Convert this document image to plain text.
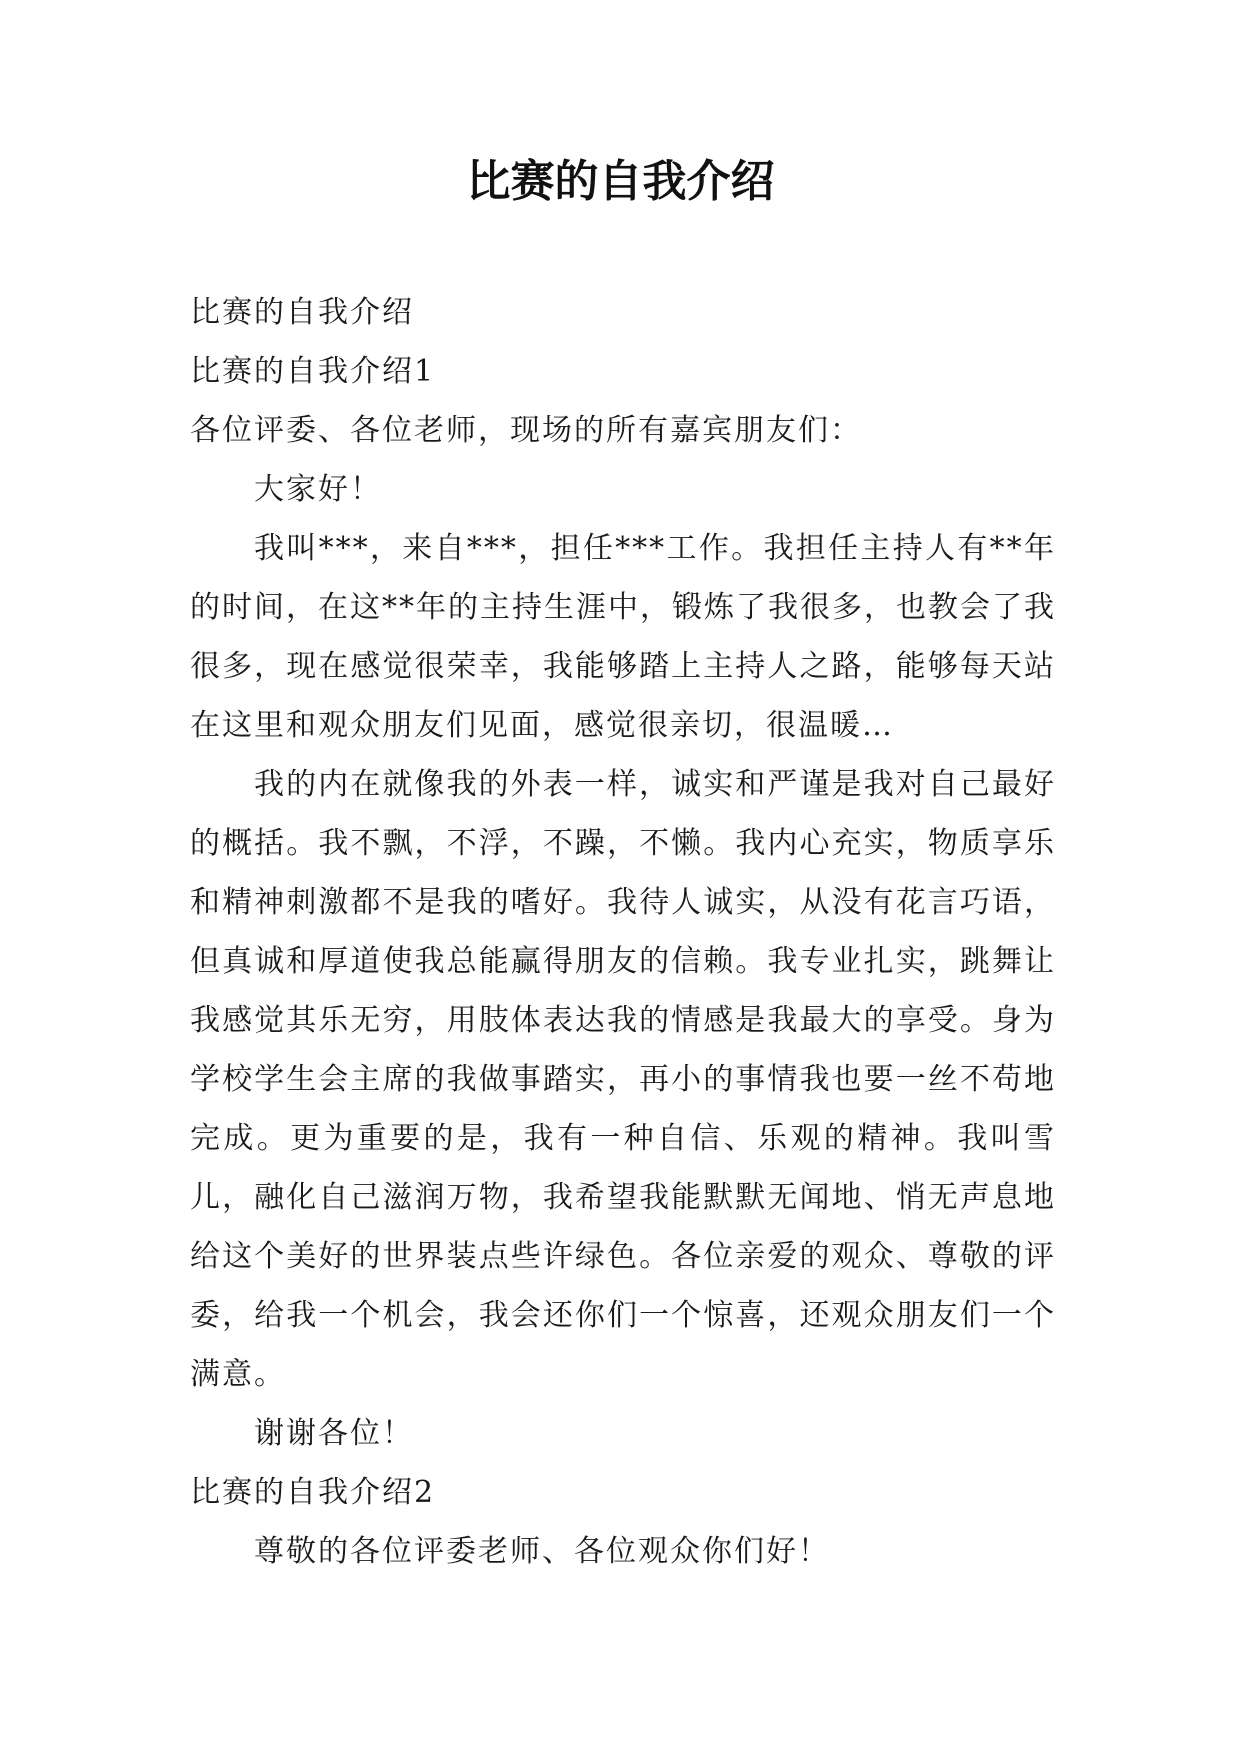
比赛的自我介绍

比赛的自我介绍

比赛的自我介绍1

各位评委、各位老师，现场的所有嘉宾朋友们：

大家好！

我叫***，来自***，担任***工作。我担任主持人有**年的时间，在这**年的主持生涯中，锻炼了我很多，也教会了我很多，现在感觉很荣幸，我能够踏上主持人之路，能够每天站在这里和观众朋友们见面，感觉很亲切，很温暖…

我的内在就像我的外表一样，诚实和严谨是我对自己最好的概括。我不飘，不浮，不躁，不懒。我内心充实，物质享乐和精神刺激都不是我的嗜好。我待人诚实，从没有花言巧语，但真诚和厚道使我总能赢得朋友的信赖。我专业扎实，跳舞让我感觉其乐无穷，用肢体表达我的情感是我最大的享受。身为学校学生会主席的我做事踏实，再小的事情我也要一丝不苟地完成。更为重要的是，我有一种自信、乐观的精神。我叫雪儿，融化自己滋润万物，我希望我能默默无闻地、悄无声息地给这个美好的世界装点些许绿色。各位亲爱的观众、尊敬的评委，给我一个机会，我会还你们一个惊喜，还观众朋友们一个满意。

谢谢各位！

比赛的自我介绍2

尊敬的各位评委老师、各位观众你们好！
